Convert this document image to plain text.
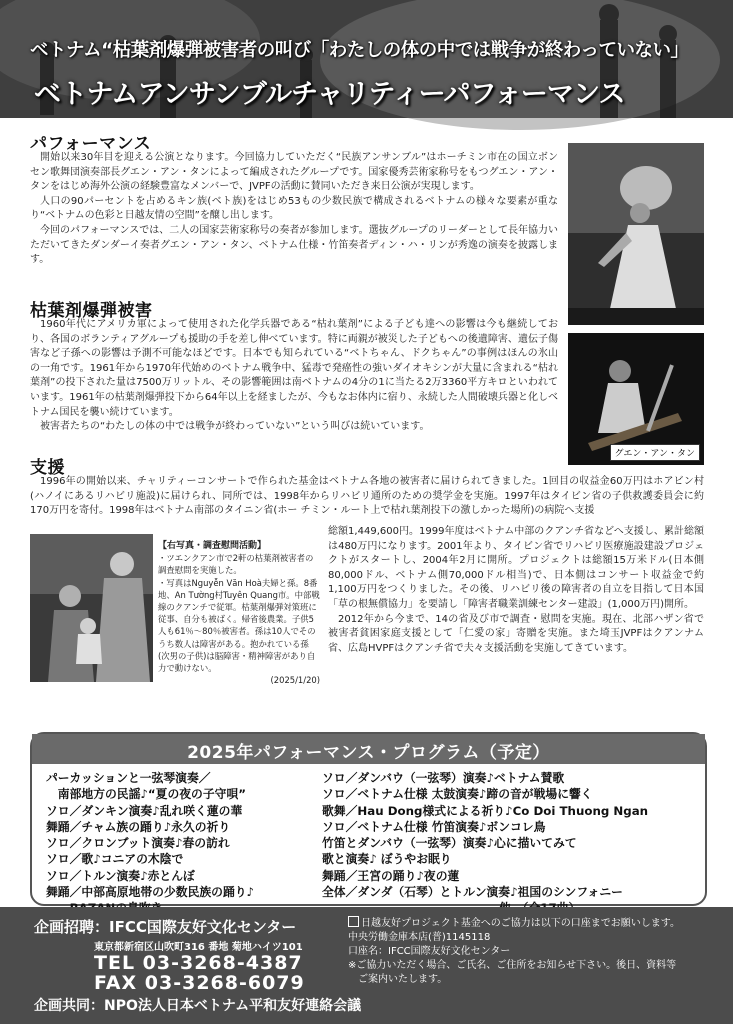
ベトナム“枯葉剤爆弾被害者の叫び「わたしの体の中では戦争が終わっていない」
ベトナムアンサンブルチャリティーパフォーマンス
パフォーマンス

開始以来30年目を迎える公演となります。今回協力していただく“民族アンサンブル”はホーチミン市在の国立ボンセン歌舞団演奏部長グエン・アン・タンによって編成されたグループです。国家優秀芸術家称号をもつグエン・アン・タンをはじめ海外公演の経験豊富なメンバーで、JVPFの活動に賛同いただき来日公演が実現します。

人口の90パーセントを占めるキン族(ベト族)をはじめ53もの少数民族で構成されるベトナムの様々な要素が重なり“ベトナムの色彩と日越友情の空間”を醸し出します。

今回のパフォーマンスでは、二人の国家芸術家称号の奏者が参加します。選抜グループのリーダーとして長年協力いただいてきたダンダーイ奏者グエン・アン・タン、ベトナム仕様・竹笛奏者ディン・ハ・リンが秀逸の演奏を披露します。

枯葉剤爆弾被害

1960年代にアメリカ軍によって使用された化学兵器である“枯れ葉剤”による子ども達への影響は今も継続しており、各国のボランティアグループも援助の手を差し伸べています。特に両親が被災した子どもへの後遺障害、遺伝子傷害など子孫への影響は予測不可能なほどです。日本でも知られている“ベトちゃん、ドクちゃん”の事例はほんの氷山の一角です。1961年から1970年代始めのベトナム戦争中、猛毒で発癌性の強いダイオキシンが大量に含まれる“枯れ葉剤”の投下された量は7500万リットル、その影響範囲は南ベトナムの4分の1に当たる2万3360平方キロといわれています。1961年の枯葉剤爆弾投下から64年以上を経ましたが、今もなお体内に宿り、永続した人間破壊兵器と化しベトナム国民を襲い続けています。

被害者たちの“わたしの体の中では戦争が終わっていない”という叫びは続いています。

グエン・アン・タン
支援

1996年の開始以来、チャリティーコンサートで作られた基金はベトナム各地の被害者に届けられてきました。1回目の収益金60万円はホアビン村(ハノイにあるリハビリ施設)に届けられ、同所では、1998年からリハビリ通所のための奨学金を実施。1997年はタイビン省の子供救護委員会に約170万円を寄付。1998年はベトナム南部のタイニン省(ホー チミン・ルート上で枯れ葉剤投下の激しかった場所)の病院へ支援

【右写真・調査慰問活動】
・ツエンクアン市で2軒の枯葉剤被害者の調査慰問を実施した。
・写真はNguyễn Văn Hoà夫婦と孫。8番地、An Tường村Tuyên Quang市。中部戦線のクアンチで従軍。枯葉剤爆弾対策班に従事、自分も被ばく。帰省後農業。子供5人も61％～80％被害者。孫は10人でそのうち数人は障害がある。抱かれている孫(次男の子供)は脳障害・精神障害があり自力で動けない。
(2025/1/20)

総額1,449,600円。1999年度はベトナム中部のクアンチ省などへ支援し、累計総額は480万円になります。2001年より、タイビン省でリハビリ医療施設建設プロジェクトがスタートし、2004年2月に開所。プロジェクトは総額15万米ドル(日本側80,000ドル、ベトナム側70,000ドル相当)で、日本側はコンサート収益金で約1,100万円をつくりました。その後、リハビリ後の障害者の自立を目指して日本国「草の根無償協力」を要請し「障害者職業訓練センター建設」(1,000万円)開所。

2012年から今まで、14の省及び市で調査・慰問を実施。現在、北部ハザン省で被害者貧困家庭支援として「仁愛の家」寄贈を実施。また埼玉JVPFはクアンナム省、広島HVPFはクアンチ省で夫々支援活動を実施してきています。

2025年パフォーマンス・プログラム（予定）
パーカッションと一弦琴演奏／
　南部地方の民謡♪“夏の夜の子守唄”
ソロ／ダンキン演奏♪乱れ咲く蓮の華
舞踊／チャム族の踊り♪永久の祈り
ソロ／クロンブット演奏♪春の訪れ
ソロ／歌♪コニアの木陰で
ソロ／トルン演奏♪赤とんぼ
舞踊／中部高原地帯の少数民族の踊り♪
ソロ／ダンバウ（一弦琴）演奏♪ベトナム賛歌
ソロ／ベトナム仕様 太鼓演奏♪蹄の音が戦場に響く
歌舞／Hau Dong様式による祈り♪Co Doi Thuong Ngan
ソロ／ベトナム仕様 竹笛演奏♪ボンコレ鳥
竹笛とダンバウ（一弦琴）演奏♪心に描いてみて
歌と演奏♪ ぼうやお眠り
舞踊／王宮の踊り♪夜の蓮
全体／ダンダ（石琴）とトルン演奏♪祖国のシンフォニー
企画招聘：IFCC国際友好文化センター
東京都新宿区山吹町316 番地 菊地ハイツ101
TEL 03-3268-4387
FAX 03-3268-6079
企画共同：NPO法人日本ベトナム平和友好連絡会議
日越友好プロジェクト基金へのご協力は以下の口座までお願いします。
中央労働金庫本店(普)1145118
口座名：IFCC国際友好文化センター
※ご協力いただく場合、ご氏名、ご住所をお知らせ下さい。後日、資料等
　ご案内いたします。
